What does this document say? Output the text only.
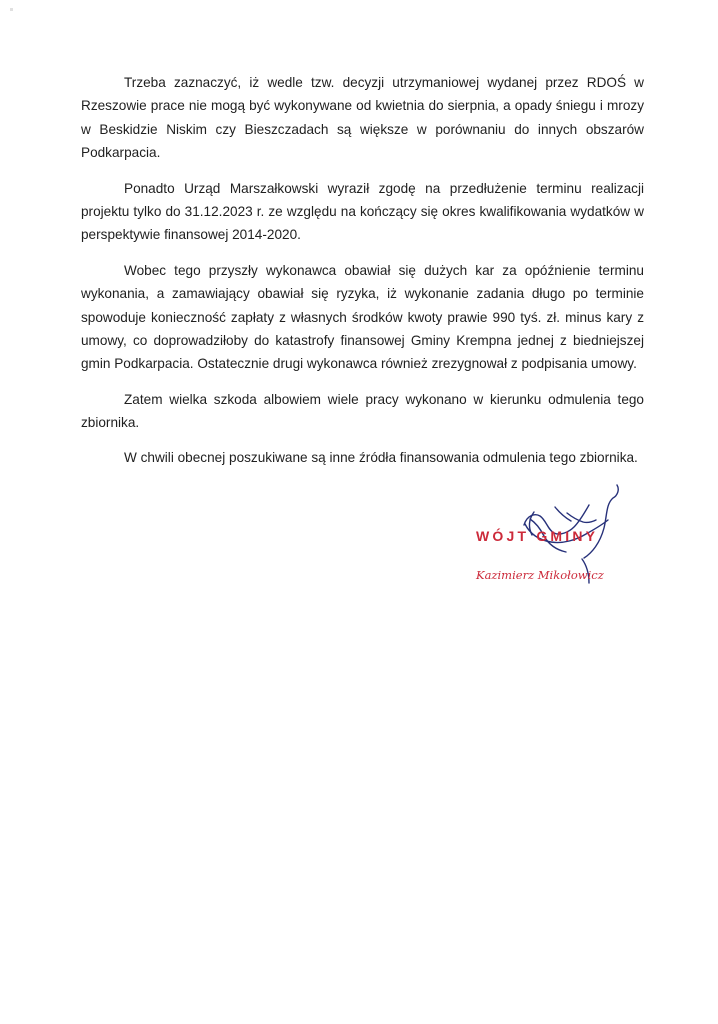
Trzeba zaznaczyć, iż wedle tzw. decyzji utrzymaniowej wydanej przez RDOŚ w Rzeszowie prace nie mogą być wykonywane od kwietnia do sierpnia, a opady śniegu i mrozy w Beskidzie Niskim czy Bieszczadach są większe w porównaniu do innych obszarów Podkarpacia.

Ponadto Urząd Marszałkowski wyraził zgodę na przedłużenie terminu realizacji projektu tylko do 31.12.2023 r. ze względu na kończący się okres kwalifikowania wydatków w perspektywie finansowej 2014-2020.

Wobec tego przyszły wykonawca obawiał się dużych kar za opóźnienie terminu wykonania, a zamawiający obawiał się ryzyka, iż wykonanie zadania długo po terminie spowoduje konieczność zapłaty z własnych środków kwoty prawie 990 tyś. zł. minus kary z umowy, co doprowadziłoby do katastrofy finansowej Gminy Krempna jednej z biedniejszej gmin Podkarpacia. Ostatecznie drugi wykonawca również zrezygnował z podpisania umowy.

Zatem wielka szkoda albowiem wiele pracy wykonano w kierunku odmulenia tego zbiornika.

W chwili obecnej poszukiwane są inne źródła finansowania odmulenia tego zbiornika.

WÓJT GMINY
Kazimierz Mikołowicz
